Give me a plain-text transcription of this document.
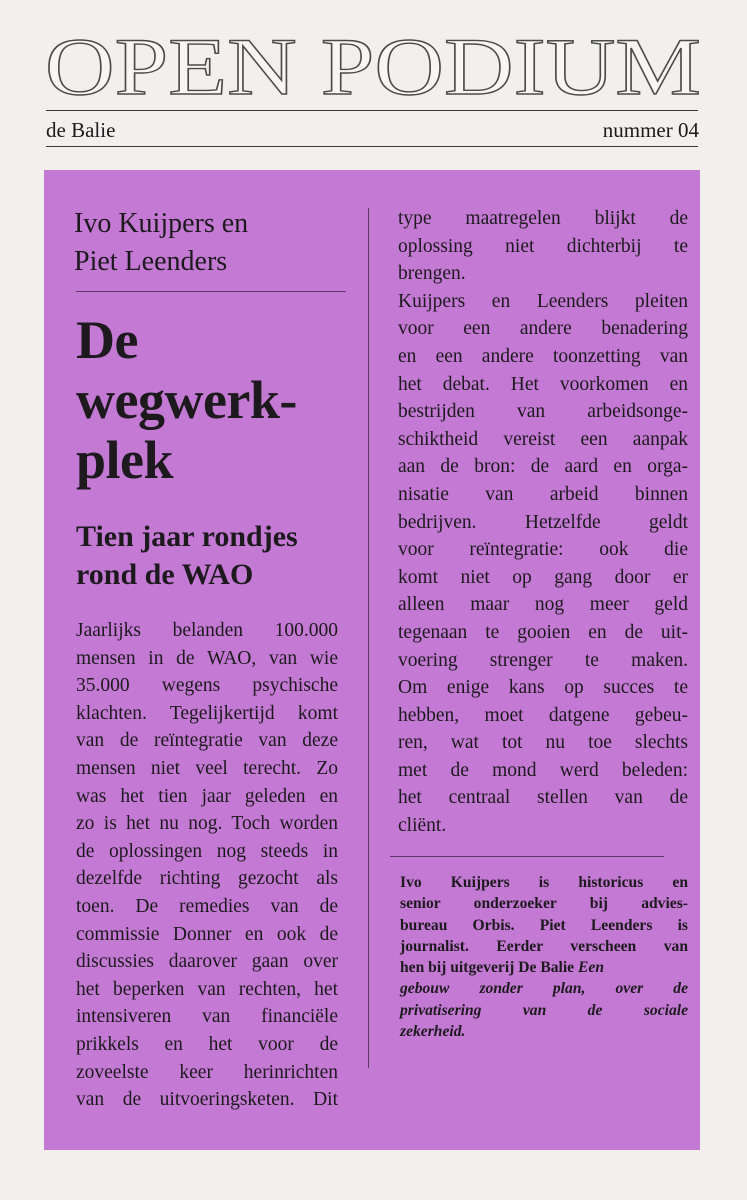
OPEN PODIUM
de Balie	nummer 04
Ivo Kuijpers en
Piet Leenders
De
wegwerk-
plek
Tien jaar rondjes
rond de WAO
Jaarlijks belanden 100.000
mensen in de WAO, van wie
35.000 wegens psychische
klachten. Tegelijkertijd komt
van de reïntegratie van deze
mensen niet veel terecht. Zo
was het tien jaar geleden en
zo is het nu nog. Toch worden
de oplossingen nog steeds in
dezelfde richting gezocht als
toen. De remedies van de
commissie Donner en ook de
discussies daarover gaan over
het beperken van rechten, het
intensiveren van financiële
prikkels en het voor de
zoveelste keer herinrichten
van de uitvoeringsketen. Dit
type maatregelen blijkt de
oplossing niet dichterbij te
brengen.
Kuijpers en Leenders pleiten
voor een andere benadering
en een andere toonzetting van
het debat. Het voorkomen en
bestrijden van arbeidsonge-
schiktheid vereist een aanpak
aan de bron: de aard en orga-
nisatie van arbeid binnen
bedrijven. Hetzelfde geldt
voor reïntegratie: ook die
komt niet op gang door er
alleen maar nog meer geld
tegenaan te gooien en de uit-
voering strenger te maken.
Om enige kans op succes te
hebben, moet datgene gebeu-
ren, wat tot nu toe slechts
met de mond werd beleden:
het centraal stellen van de
cliënt.
Ivo Kuijpers is historicus en
senior onderzoeker bij advies-
bureau Orbis. Piet Leenders is
journalist. Eerder verscheen van
hen bij uitgeverij De Balie Een
gebouw zonder plan, over de
privatisering van de sociale
zekerheid.
